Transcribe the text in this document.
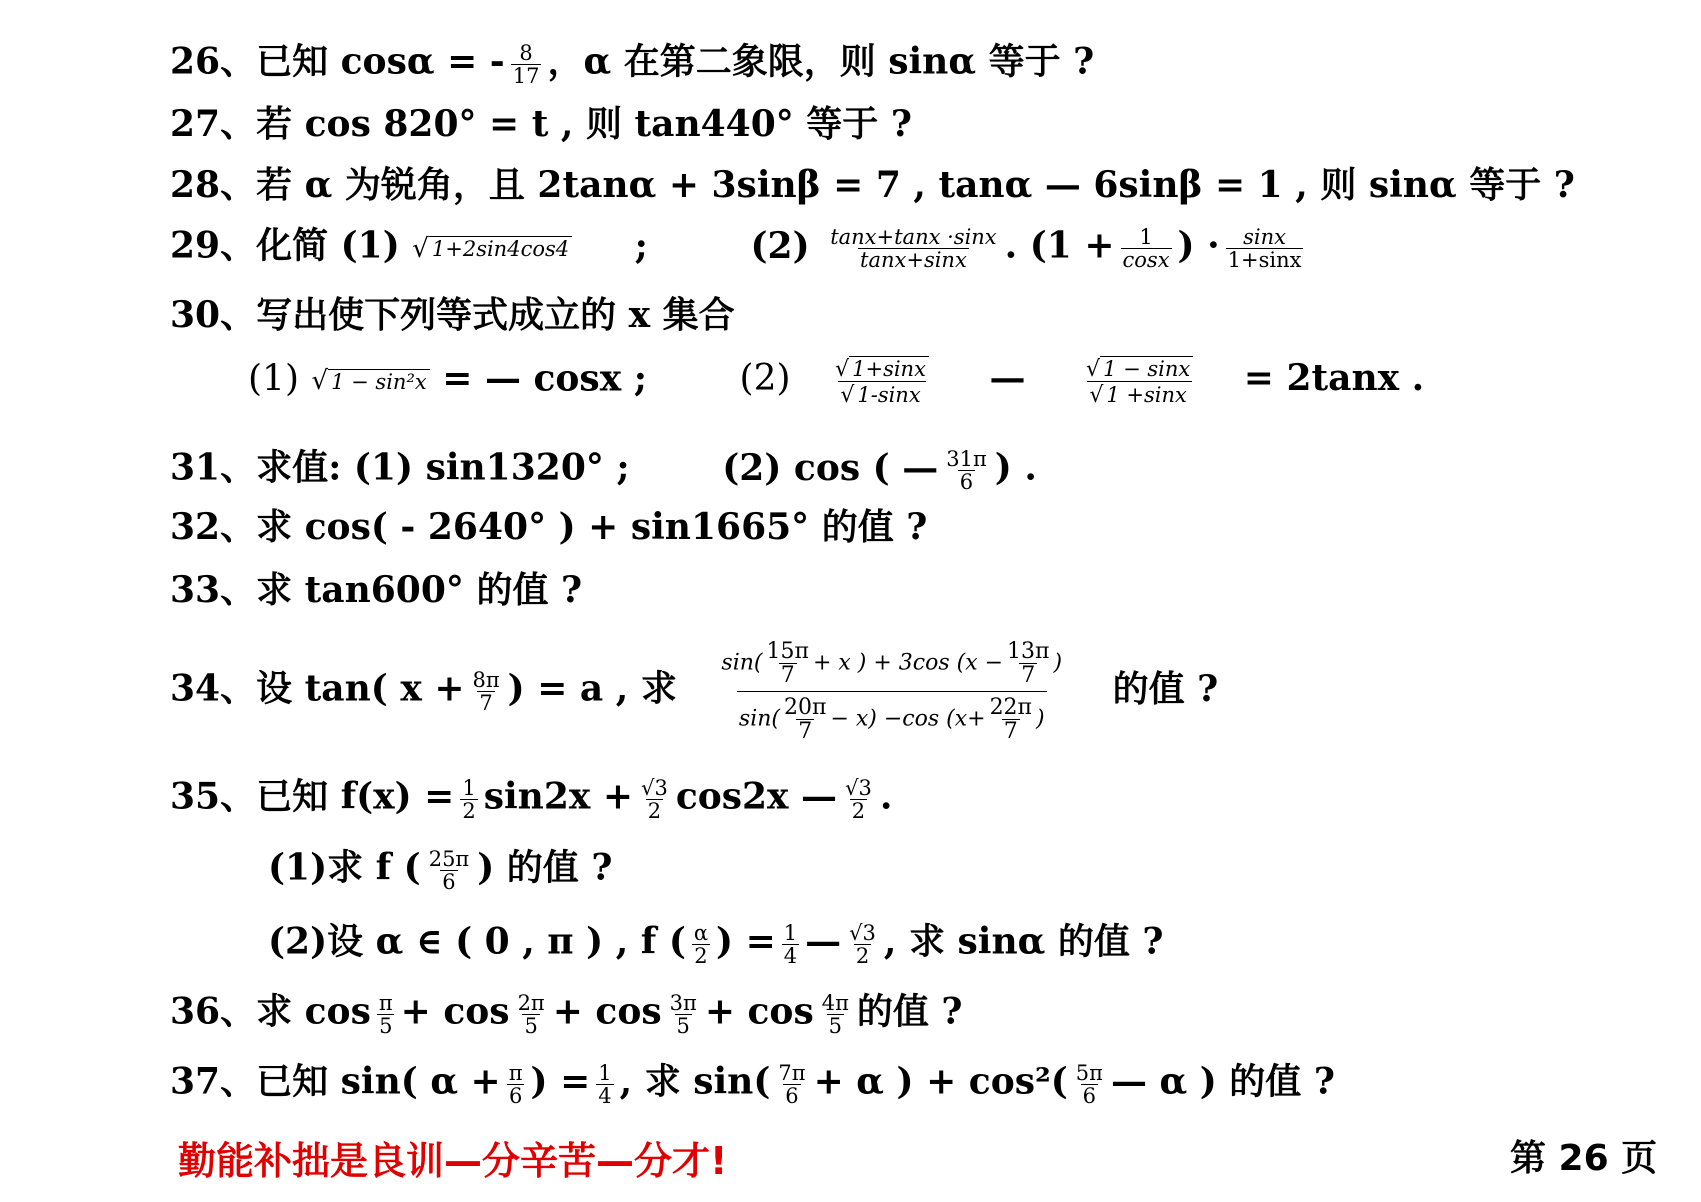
26、已知 cosα = - $\frac{8}{17}$ ，α 在第二象限，则 sinα 等于 ?
27、若 cos 820° = t , 则 tan440° 等于 ?
28、若 α 为锐角，且 2tanα + 3sinβ = 7 , tanα — 6sinβ = 1 , 则 sinα 等于 ?
29、化简 (1) √ 1+2sin4cos4 ;	$(2) \frac{\tan x+\tan x \cdot\sin x}{\tan x+\sin x}$ . ($1 + \frac{1}{\cos x}$ ) · $\frac{\sin x}{1+\sin x}$
30、写出使下列等式成立的 x 集合
(1) √ 1 − sin²x = — cosx ;	$(2) \frac{√ 1+\sin x}{√ 1-\sin x}$ —	$\frac{√ 1 - \sin x}{√ 1 +\sin x} = 2\tan x$ .
31、求值: (1) sin1320° ;	(2) cos ( — $\frac{31\pi}{6}$ ) .
32、求 cos( - 2640° ) + sin1665° 的值 ?
33、求 tan600° 的值 ?
34、设 tan( $x + \frac{8\pi}{7}$ ) = a , 求 $\frac{\sin( \frac{15\pi}{7} + x ) + 3\cos (x - \frac{13\pi}{7} )}{\sin( \frac{20\pi}{7} - x) -\cos (x+ \frac{22\pi}{7} )}$ 的值 ?
35、已知 $f(x) = \frac{1}{2} \sin 2x + \frac{√3}{2} \cos 2x$ — $\frac{√3}{2}$ .
(1)求 f ( $\frac{25\pi}{6}$ ) 的值 ?
(2)设 α ∈ ( 0 , π ) , f ( $\frac{\alpha}{2}$ ) = $\frac{1}{4}$ — $\frac{√3}{2}$ , 求 sinα 的值 ?
36、求 $\cos \frac{\pi}{5} + \cos \frac{2\pi}{5} + \cos \frac{3\pi}{5} + \cos \frac{4\pi}{5}$ 的值 ?
37、已知 sin( $\alpha + \frac{\pi}{6}$ ) = $\frac{1}{4}$ , 求 $\sin( \frac{7\pi}{6} + \alpha$ ) + $\cos^2( \frac{5\pi}{6}$ — α ) 的值 ?
勤能补拙是良训—分辛苦—分才!	第 26 页
